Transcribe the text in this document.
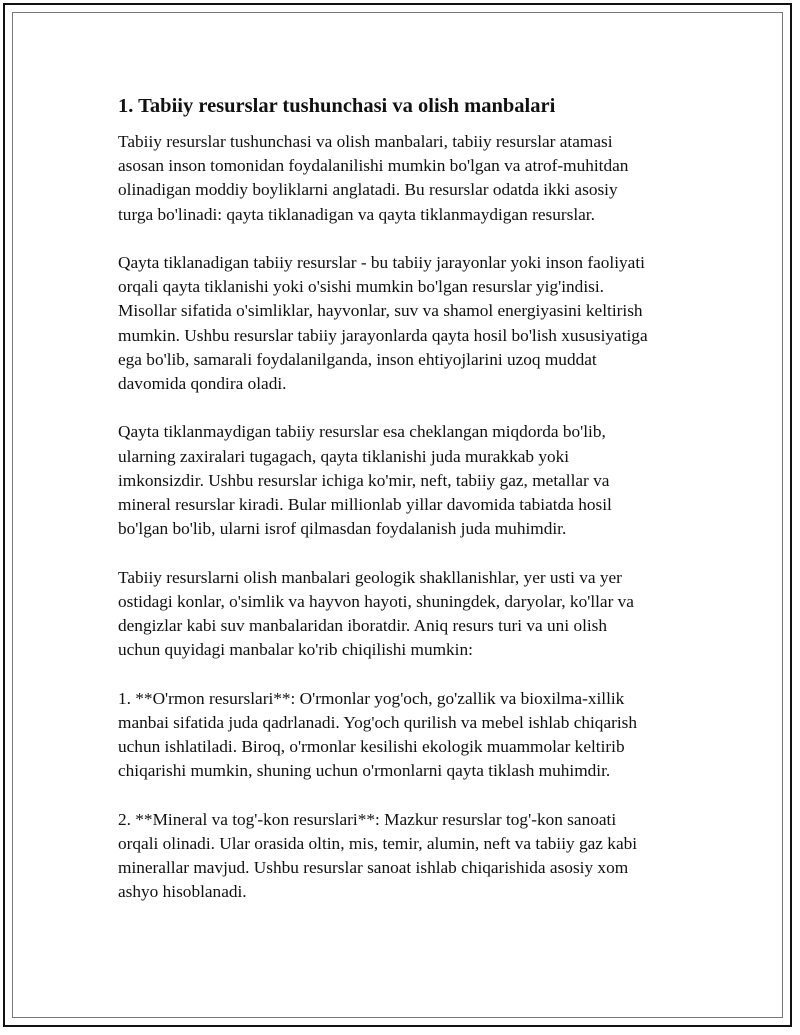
1. Tabiiy resurslar tushunchasi va olish manbalari
Tabiiy resurslar tushunchasi va olish manbalari, tabiiy resurslar atamasi
asosan inson tomonidan foydalanilishi mumkin bo'lgan va atrof-muhitdan
olinadigan moddiy boyliklarni anglatadi. Bu resurslar odatda ikki asosiy
turga bo'linadi: qayta tiklanadigan va qayta tiklanmaydigan resurslar.
Qayta tiklanadigan tabiiy resurslar - bu tabiiy jarayonlar yoki inson faoliyati
orqali qayta tiklanishi yoki o'sishi mumkin bo'lgan resurslar yig'indisi.
Misollar sifatida o'simliklar, hayvonlar, suv va shamol energiyasini keltirish
mumkin. Ushbu resurslar tabiiy jarayonlarda qayta hosil bo'lish xususiyatiga
ega bo'lib, samarali foydalanilganda, inson ehtiyojlarini uzoq muddat
davomida qondira oladi.
Qayta tiklanmaydigan tabiiy resurslar esa cheklangan miqdorda bo'lib,
ularning zaxiralari tugagach, qayta tiklanishi juda murakkab yoki
imkonsizdir. Ushbu resurslar ichiga ko'mir, neft, tabiiy gaz, metallar va
mineral resurslar kiradi. Bular millionlab yillar davomida tabiatda hosil
bo'lgan bo'lib, ularni isrof qilmasdan foydalanish juda muhimdir.
Tabiiy resurslarni olish manbalari geologik shakllanishlar, yer usti va yer
ostidagi konlar, o'simlik va hayvon hayoti, shuningdek, daryolar, ko'llar va
dengizlar kabi suv manbalaridan iboratdir. Aniq resurs turi va uni olish
uchun quyidagi manbalar ko'rib chiqilishi mumkin:
1. **O'rmon resurslari**: O'rmonlar yog'och, go'zallik va bioxilma-xillik
manbai sifatida juda qadrlanadi. Yog'och qurilish va mebel ishlab chiqarish
uchun ishlatiladi. Biroq, o'rmonlar kesilishi ekologik muammolar keltirib
chiqarishi mumkin, shuning uchun o'rmonlarni qayta tiklash muhimdir.
2. **Mineral va tog'-kon resurslari**: Mazkur resurslar tog'-kon sanoati
orqali olinadi. Ular orasida oltin, mis, temir, alumin, neft va tabiiy gaz kabi
minerallar mavjud. Ushbu resurslar sanoat ishlab chiqarishida asosiy xom
ashyo hisoblanadi.
